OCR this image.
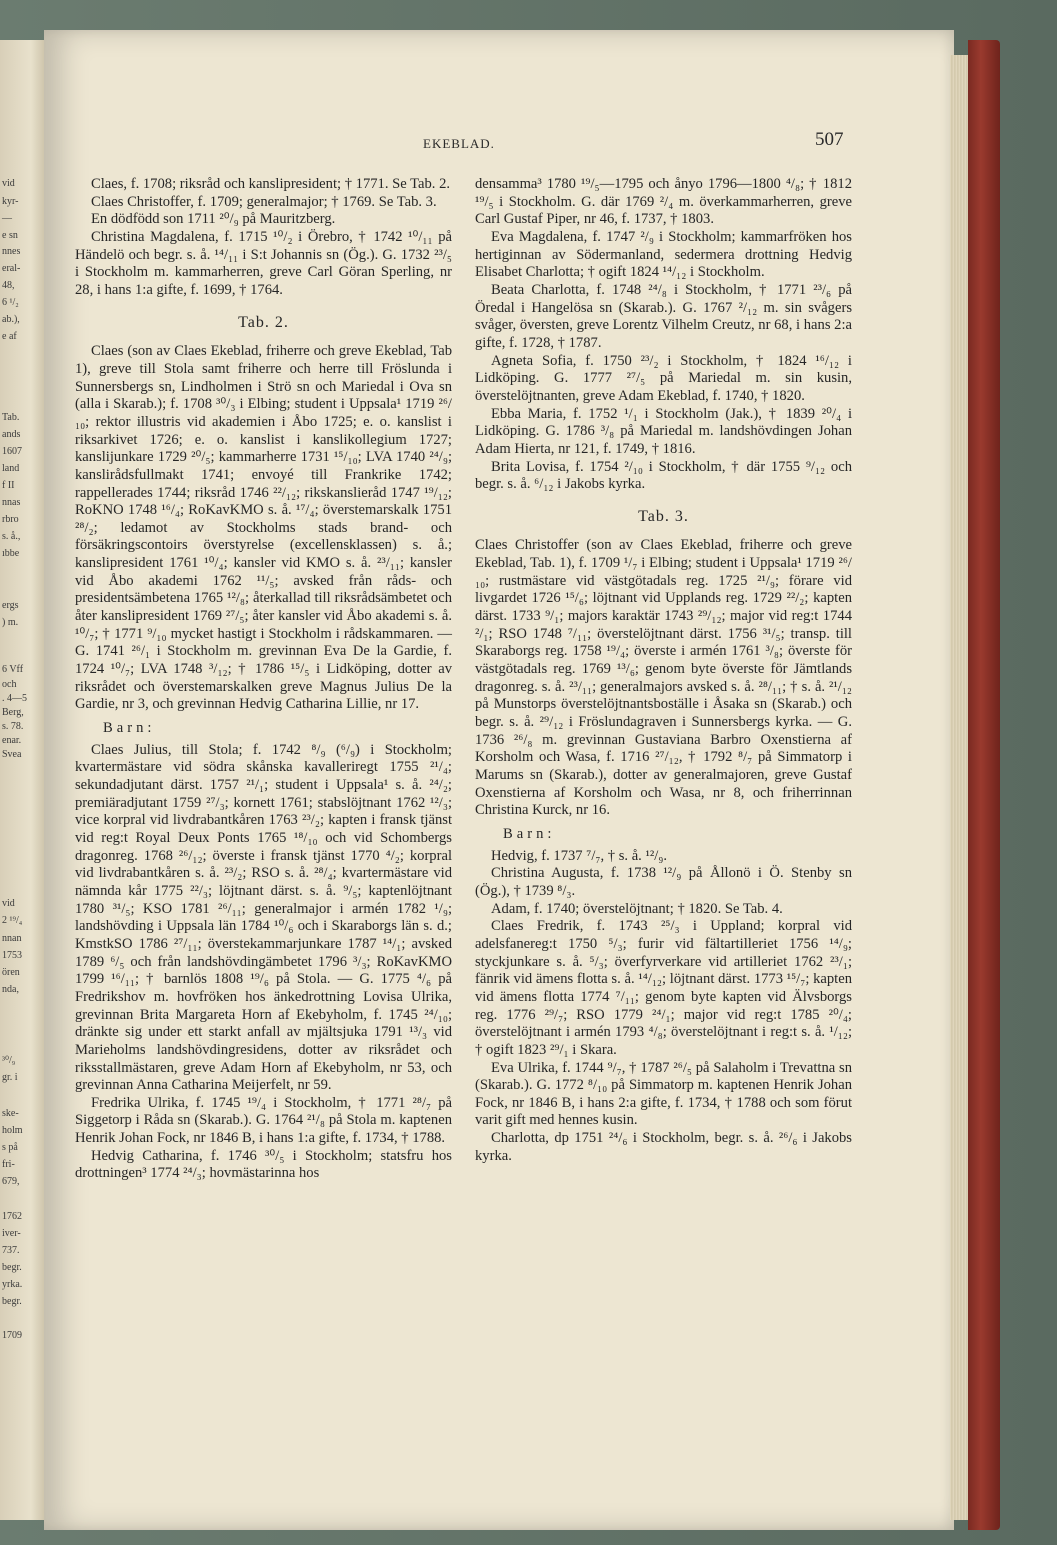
vid
kyr-
—
e sn
nnes
eral-
48,
6 ¹/₂
ab.),
e af
Tab.
ands
1607
land
f II
nnas
rbro
s. å.,
ıbbe
ergs
) m.
6 Vff
och
. 4—5
Berg,
s. 78.
enar.
Svea
vid
2 ¹⁹/₄
nnan
1753
ören
nda,
³⁰/₉
gr. i
ske-
holm
s på
fri-
679,
1762
iver-
737.
begr.
yrka.
begr.
1709
EKEBLAD.	507

Claes, f. 1708; riksråd och kanslipresident; † 1771. Se Tab. 2.

Claes Christoffer, f. 1709; generalmajor; † 1769. Se Tab. 3.

En dödfödd son 1711 ²⁰/₉ på Mauritzberg.

Christina Magdalena, f. 1715 ¹⁰/₂ i Örebro, † 1742 ¹⁰/₁₁ på Händelö och begr. s. å. ¹⁴/₁₁ i S:t Johannis sn (Ög.). G. 1732 ²³/₅ i Stockholm m. kammarherren, greve Carl Göran Sperling, nr 28, i hans 1:a gifte, f. 1699, † 1764.

Tab. 2.

Claes (son av Claes Ekeblad, friherre och greve Ekeblad, Tab 1), greve till Stola samt friherre och herre till Fröslunda i Sunnersbergs sn, Lindholmen i Strö sn och Mariedal i Ova sn (alla i Skarab.); f. 1708 ³⁰/₃ i Elbing; student i Uppsala¹ 1719 ²⁶/₁₀; rektor illustris vid akademien i Åbo 1725; e. o. kanslist i riksarkivet 1726; e. o. kanslist i kanslikollegium 1727; kanslijunkare 1729 ²⁰/₅; kammarherre 1731 ¹⁵/₁₀; LVA 1740 ²⁴/₉; kanslirådsfullmakt 1741; envoyé till Frankrike 1742; rappellerades 1744; riksråd 1746 ²²/₁₂; rikskanslieråd 1747 ¹⁹/₁₂; RoKNO 1748 ¹⁶/₄; RoKavKMO s. å. ¹⁷/₄; överstemarskalk 1751 ²⁸/₂; ledamot av Stockholms stads brand- och försäkringscontoirs överstyrelse (excellensklassen) s. å.; kanslipresident 1761 ¹⁰/₄; kansler vid KMO s. å. ²³/₁₁; kansler vid Åbo akademi 1762 ¹¹/₅; avsked från råds- och presidentsämbetena 1765 ¹²/₈; återkallad till riksrådsämbetet och åter kanslipresident 1769 ²⁷/₅; åter kansler vid Åbo akademi s. å. ¹⁰/₇; † 1771 ⁹/₁₀ mycket hastigt i Stockholm i rådskammaren. — G. 1741 ²⁶/₁ i Stockholm m. grevinnan Eva De la Gardie, f. 1724 ¹⁰/₇; LVA 1748 ³/₁₂; † 1786 ¹⁵/₅ i Lidköping, dotter av riksrådet och överstemarskalken greve Magnus Julius De la Gardie, nr 3, och grevinnan Hedvig Catharina Lillie, nr 17.

Barn:

Claes Julius, till Stola; f. 1742 ⁸/₉ (⁶/₉) i Stockholm; kvartermästare vid södra skånska kavalleriregt 1755 ²¹/₄; sekundadjutant därst. 1757 ²¹/₁; student i Uppsala¹ s. å. ²⁴/₂; premiäradjutant 1759 ²⁷/₃; kornett 1761; stabslöjtnant 1762 ¹²/₃; vice korpral vid livdrabantkåren 1763 ²³/₂; kapten i fransk tjänst vid reg:t Royal Deux Ponts 1765 ¹⁸/₁₀ och vid Schombergs dragonreg. 1768 ²⁶/₁₂; överste i fransk tjänst 1770 ⁴/₂; korpral vid livdrabantkåren s. å. ²³/₂; RSO s. å. ²⁸/₄; kvartermästare vid nämnda kår 1775 ²²/₃; löjtnant därst. s. å. ⁹/₅; kaptenlöjtnant 1780 ³¹/₅; KSO 1781 ²⁶/₁₁; generalmajor i armén 1782 ¹/₉; landshövding i Uppsala län 1784 ¹⁰/₆ och i Skaraborgs län s. d.; KmstkSO 1786 ²⁷/₁₁; överstekammarjunkare 1787 ¹⁴/₁; avsked 1789 ⁶/₅ och från landshövdingämbetet 1796 ³/₃; RoKavKMO 1799 ¹⁶/₁₁; † barnlös 1808 ¹⁹/₆ på Stola. — G. 1775 ⁴/₆ på Fredrikshov m. hovfröken hos änkedrottning Lovisa Ulrika, grevinnan Brita Margareta Horn af Ekebyholm, f. 1745 ²⁴/₁₀; dränkte sig under ett starkt anfall av mjältsjuka 1791 ¹³/₃ vid Marieholms landshövdingresidens, dotter av riksrådet och riksstallmästaren, greve Adam Horn af Ekebyholm, nr 53, och grevinnan Anna Catharina Meijerfelt, nr 59.

Fredrika Ulrika, f. 1745 ¹⁹/₄ i Stockholm, † 1771 ²⁸/₇ på Siggetorp i Råda sn (Skarab.). G. 1764 ²¹/₈ på Stola m. kaptenen Henrik Johan Fock, nr 1846 B, i hans 1:a gifte, f. 1734, † 1788.

Hedvig Catharina, f. 1746 ³⁰/₅ i Stockholm; statsfru hos drottningen³ 1774 ²⁴/₃; hovmästarinna hos

densamma³ 1780 ¹⁹/₅—1795 och ånyo 1796—1800 ⁴/₈; † 1812 ¹⁹/₅ i Stockholm. G. där 1769 ²/₄ m. överkammarherren, greve Carl Gustaf Piper, nr 46, f. 1737, † 1803.

Eva Magdalena, f. 1747 ²/₉ i Stockholm; kammarfröken hos hertiginnan av Södermanland, sedermera drottning Hedvig Elisabet Charlotta; † ogift 1824 ¹⁴/₁₂ i Stockholm.

Beata Charlotta, f. 1748 ²⁴/₈ i Stockholm, † 1771 ²³/₆ på Öredal i Hangelösa sn (Skarab.). G. 1767 ²/₁₂ m. sin svågers svåger, översten, greve Lorentz Vilhelm Creutz, nr 68, i hans 2:a gifte, f. 1728, † 1787.

Agneta Sofia, f. 1750 ²³/₂ i Stockholm, † 1824 ¹⁶/₁₂ i Lidköping. G. 1777 ²⁷/₅ på Mariedal m. sin kusin, överstelöjtnanten, greve Adam Ekeblad, f. 1740, † 1820.

Ebba Maria, f. 1752 ¹/₁ i Stockholm (Jak.), † 1839 ²⁰/₄ i Lidköping. G. 1786 ³/₈ på Mariedal m. landshövdingen Johan Adam Hierta, nr 121, f. 1749, † 1816.

Brita Lovisa, f. 1754 ²/₁₀ i Stockholm, † där 1755 ⁹/₁₂ och begr. s. å. ⁶/₁₂ i Jakobs kyrka.

Tab. 3.

Claes Christoffer (son av Claes Ekeblad, friherre och greve Ekeblad, Tab. 1), f. 1709 ¹/₇ i Elbing; student i Uppsala¹ 1719 ²⁶/₁₀; rustmästare vid västgötadals reg. 1725 ²¹/₉; förare vid livgardet 1726 ¹⁵/₆; löjtnant vid Upplands reg. 1729 ²²/₂; kapten därst. 1733 ⁹/₁; majors karaktär 1743 ²⁹/₁₂; major vid reg:t 1744 ²/₁; RSO 1748 ⁷/₁₁; överstelöjtnant därst. 1756 ³¹/₅; transp. till Skaraborgs reg. 1758 ¹⁹/₄; överste i armén 1761 ³/₈; överste för västgötadals reg. 1769 ¹³/₆; genom byte överste för Jämtlands dragonreg. s. å. ²³/₁₁; generalmajors avsked s. å. ²⁸/₁₁; † s. å. ²¹/₁₂ på Munstorps överstelöjtnantsboställe i Åsaka sn (Skarab.) och begr. s. å. ²⁹/₁₂ i Fröslundagraven i Sunnersbergs kyrka. — G. 1736 ²⁶/₈ m. grevinnan Gustaviana Barbro Oxenstierna af Korsholm och Wasa, f. 1716 ²⁷/₁₂, † 1792 ⁸/₇ på Simmatorp i Marums sn (Skarab.), dotter av generalmajoren, greve Gustaf Oxenstierna af Korsholm och Wasa, nr 8, och friherrinnan Christina Kurck, nr 16.

Barn:

Hedvig, f. 1737 ⁷/₇, † s. å. ¹²/₉.

Christina Augusta, f. 1738 ¹²/₉ på Ållonö i Ö. Stenby sn (Ög.), † 1739 ⁸/₃.

Adam, f. 1740; överstelöjtnant; † 1820. Se Tab. 4.

Claes Fredrik, f. 1743 ²⁵/₃ i Uppland; korpral vid adelsfanereg:t 1750 ⁵/₃; furir vid fältartilleriet 1756 ¹⁴/₉; styckjunkare s. å. ⁵/₃; överfyrverkare vid artilleriet 1762 ²³/₁; fänrik vid ämens flotta s. å. ¹⁴/₁₂; löjtnant därst. 1773 ¹⁵/₇; kapten vid ämens flotta 1774 ⁷/₁₁; genom byte kapten vid Älvsborgs reg. 1776 ²⁹/₇; RSO 1779 ²⁴/₁; major vid reg:t 1785 ²⁰/₄; överstelöjtnant i armén 1793 ⁴/₈; överstelöjtnant i reg:t s. å. ¹/₁₂; † ogift 1823 ²⁹/₁ i Skara.

Eva Ulrika, f. 1744 ⁹/₇, † 1787 ²⁶/₅ på Salaholm i Trevattna sn (Skarab.). G. 1772 ⁸/₁₀ på Simmatorp m. kaptenen Henrik Johan Fock, nr 1846 B, i hans 2:a gifte, f. 1734, † 1788 och som förut varit gift med hennes kusin.

Charlotta, dp 1751 ²⁴/₆ i Stockholm, begr. s. å. ²⁶/₆ i Jakobs kyrka.
